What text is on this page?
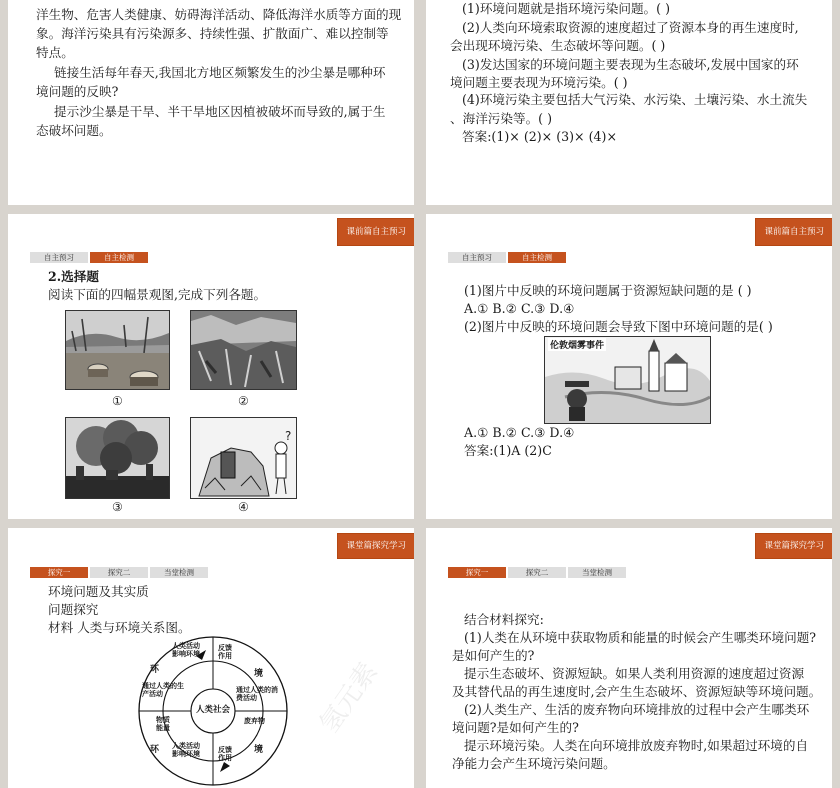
洋生物、危害人类健康、妨碍海洋活动、降低海洋水质等方面的现

象。海洋污染具有污染源多、持续性强、扩散面广、难以控制等

特点。

链接生活每年春天,我国北方地区频繁发生的沙尘暴是哪种环

境问题的反映?

提示沙尘暴是干旱、半干旱地区因植被破坏而导致的,属于生

态破坏问题。

(1)环境问题就是指环境污染问题。( )

(2)人类向环境索取资源的速度超过了资源本身的再生速度时,

会出现环境污染、生态破坏等问题。( )

(3)发达国家的环境问题主要表现为生态破坏,发展中国家的环

境问题主要表现为环境污染。( )

(4)环境污染主要包括大气污染、水污染、土壤污染、水土流失

、海洋污染等。( )

答案:(1)× (2)× (3)× (4)×

课前篇自主预习
自主预习	自主检测

2.选择题

阅读下面的四幅景观图,完成下列各题。

?
①	②
③	④
课前篇自主预习
自主预习	自主检测

(1)图片中反映的环境问题属于资源短缺问题的是 ( )

A.① B.② C.③ D.④

(2)图片中反映的环境问题会导致下图中环境问题的是( )

伦敦烟雾事件

A.① B.② C.③ D.④

答案:(1)A (2)C

课堂篇探究学习
探究一	探究二	当堂检测

环境问题及其实质

问题探究

材料 人类与环境关系图。

人类社会
环	境
环	境
人类活动影响环境
反馈作用
通过人类的生产活动	通过人类的消费活动
物质能量
废弃物
人类活动影响环境	反馈作用
氢元素
课堂篇探究学习
探究一	探究二	当堂检测

结合材料探究:

(1)人类在从环境中获取物质和能量的时候会产生哪类环境问题?

是如何产生的?

提示生态破坏、资源短缺。如果人类利用资源的速度超过资源

及其替代品的再生速度时,会产生生态破坏、资源短缺等环境问题。

(2)人类生产、生活的废弃物向环境排放的过程中会产生哪类环

境问题?是如何产生的?

提示环境污染。人类在向环境排放废弃物时,如果超过环境的自

净能力会产生环境污染问题。
